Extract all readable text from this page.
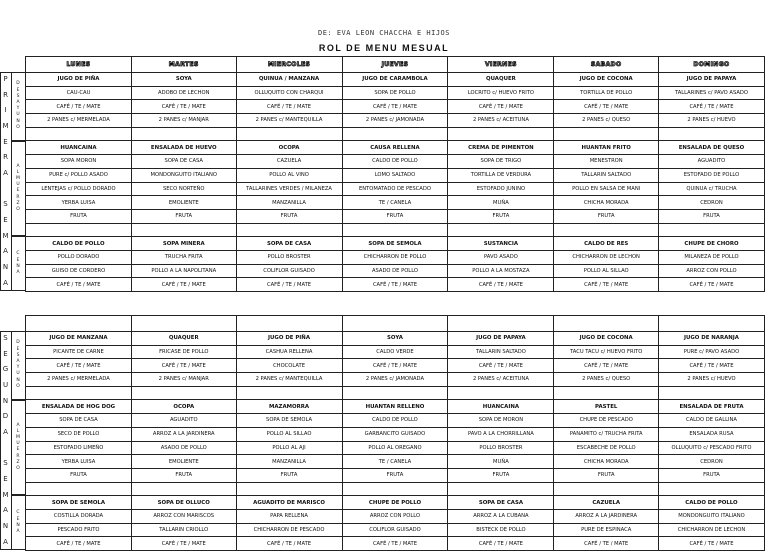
DE: EVA LEON CHACCHA E HIJOS
ROL DE MENU MESUAL
P
R
I
M
E
R
A
S
E
M
A
N
A
D
E
S
A
Y
U
N
O
A
L
M
U
E
R
Z
O
C
E
N
A
LUNES	MARTES	MIERCOLES	JUEVES	VIERNES	SABADO	DOMINGO
JUGO DE PIÑA	SOYA	QUINUA / MANZANA	JUGO DE CARAMBOLA	QUAQUER	JUGO DE COCONA	JUGO DE PAPAYA
CAU-CAU	ADOBO DE LECHON	OLLUQUITO CON CHARQUI	SOPA DE POLLO	LOCRITO c/ HUEVO FRITO	TORTILLA DE POLLO	TALLARINES c/ PAVO ASADO
CAFÉ / TE / MATE	CAFÉ / TE / MATE	CAFÉ / TE / MATE	CAFÉ / TE / MATE	CAFÉ / TE / MATE	CAFÉ / TE / MATE	CAFÉ / TE / MATE
2 PANES c/ MERMELADA	2 PANES c/ MANJAR	2 PANES c/ MANTEQUILLA	2 PANES c/ JAMONADA	2 PANES c/ ACEITUNA	2 PANES c/ QUESO	2 PANES c/ HUEVO

HUANCAINA	ENSALADA DE HUEVO	OCOPA	CAUSA RELLENA	CREMA DE PIMENTON	HUANTAN FRITO	ENSALADA DE QUESO
SOPA MORON	SOPA DE CASA	CAZUELA	CALDO DE POLLO	SOPA DE TRIGO	MENESTRON	AGUADITO
PURE c/ POLLO ASADO	MONDONGUITO ITALIANO	POLLO AL VINO	LOMO SALTADO	TORTILLA DE VERDURA	TALLARIN SALTADO	ESTOFADO DE POLLO
LENTEJAS c/ POLLO DORADO	SECO NORTEÑO	TALLARINES VERDES / MILANEZA	ENTOMATADO DE PESCADO	ESTOFADO JUNINO	POLLO EN SALSA DE MANI	QUINUA c/ TRUCHA
YERBA LUISA	EMOLIENTE	MANZANILLA	TE / CANELA	MUÑA	CHICHA MORADA	CEDRON
FRUTA	FRUTA	FRUTA	FRUTA	FRUTA	FRUTA	FRUTA

CALDO DE POLLO	SOPA MINERA	SOPA DE CASA	SOPA DE SEMOLA	SUSTANCIA	CALDO DE RES	CHUPE DE CHORO
POLLO DORADO	TRUCHA FRITA	POLLO BROSTER	CHICHARRON DE POLLO	PAVO ASADO	CHICHARRON DE LECHON	MILANEZA DE POLLO
GUISO DE CORDERO	POLLO A LA NAPOLITANA	COLIFLOR GUISADO	ASADO DE POLLO	POLLO A LA MOSTAZA	POLLO AL SILLAO	ARROZ CON POLLO
CAFÉ / TE / MATE	CAFÉ / TE / MATE	CAFÉ / TE / MATE	CAFÉ / TE / MATE	CAFÉ / TE / MATE	CAFÉ / TE / MATE	CAFÉ / TE / MATE
S
E
G
U
N
D
A
S
E
M
A
N
A
D
E
S
A
Y
U
N
O
A
L
M
U
E
R
Z
O
C
E
N
A

JUGO DE MANZANA	QUAQUER	JUGO DE PIÑA	SOYA	JUGO DE PAPAYA	JUGO DE COCONA	JUGO DE NARANJA
PICANTE DE CARNE	FRICASE DE POLLO	CASHUA RELLENA	CALDO VERDE	TALLARIN SALTADO	TACU TACU c/ HUEVO FRITO	PURE c/ PAVO ASADO
CAFÉ / TE / MATE	CAFÉ / TE / MATE	CHOCOLATE	CAFÉ / TE / MATE	CAFÉ / TE / MATE	CAFÉ / TE / MATE	CAFÉ / TE / MATE
2 PANES c/ MERMELADA	2 PANES c/ MANJAR	2 PANES c/ MANTEQUILLA	2 PANES c/ JAMONADA	2 PANES c/ ACEITUNA	2 PANES c/ QUESO	2 PANES c/ HUEVO

ENSALADA DE HOG DOG	OCOPA	MAZAMORRA	HUANTAN RELLENO	HUANCAINA	PASTEL	ENSALADA DE FRUTA
SOPA DE CASA	AGUADITO	SOPA DE SEMOLA	CALDO DE POLLO	SOPA DE MORON	CHUPE DE PESCADO	CALDO DE GALLINA
SECO DE POLLO	ARROZ A LA JARDINERA	POLLO AL SILLAO	GARBANCITO GUISADO	PAVO A LA CHORRILLANA	PANAMITO c/ TRUCHA FRITA	ENSALADA RUSA
ESTOFADO LIMEÑO	ASADO DE POLLO	POLLO AL AJI	POLLO AL OREGANO	POLLO BROSTER	ESCABECHE DE POLLO	OLLUQUITO c/ PESCADO FRITO
YERBA LUISA	EMOLIENTE	MANZANILLA	TE / CANELA	MUÑA	CHICHA MORADA	CEDRON
FRUTA	FRUTA	FRUTA	FRUTA	FRUTA	FRUTA	FRUTA

SOPA DE SEMOLA	SOPA DE OLLUCO	AGUADITO DE MARISCO	CHUPE DE POLLO	SOPA DE CASA	CAZUELA	CALDO DE POLLO
COSTILLA DORADA	ARROZ CON MARISCOS	PAPA RELLENA	ARROZ CON POLLO	ARROZ A LA CUBANA	ARROZ A LA JARDINERA	MONDONGUITO ITALIANO
PESCADO FRITO	TALLARIN CRIOLLO	CHICHARRON DE PESCADO	COLIFLOR GUISADO	BISTECK DE POLLO	PURE DE ESPINACA	CHICHARRON DE LECHON
CAFÉ / TE / MATE	CAFÉ / TE / MATE	CAFÉ / TE / MATE	CAFÉ / TE / MATE	CAFÉ / TE / MATE	CAFÉ / TE / MATE	CAFÉ / TE / MATE
